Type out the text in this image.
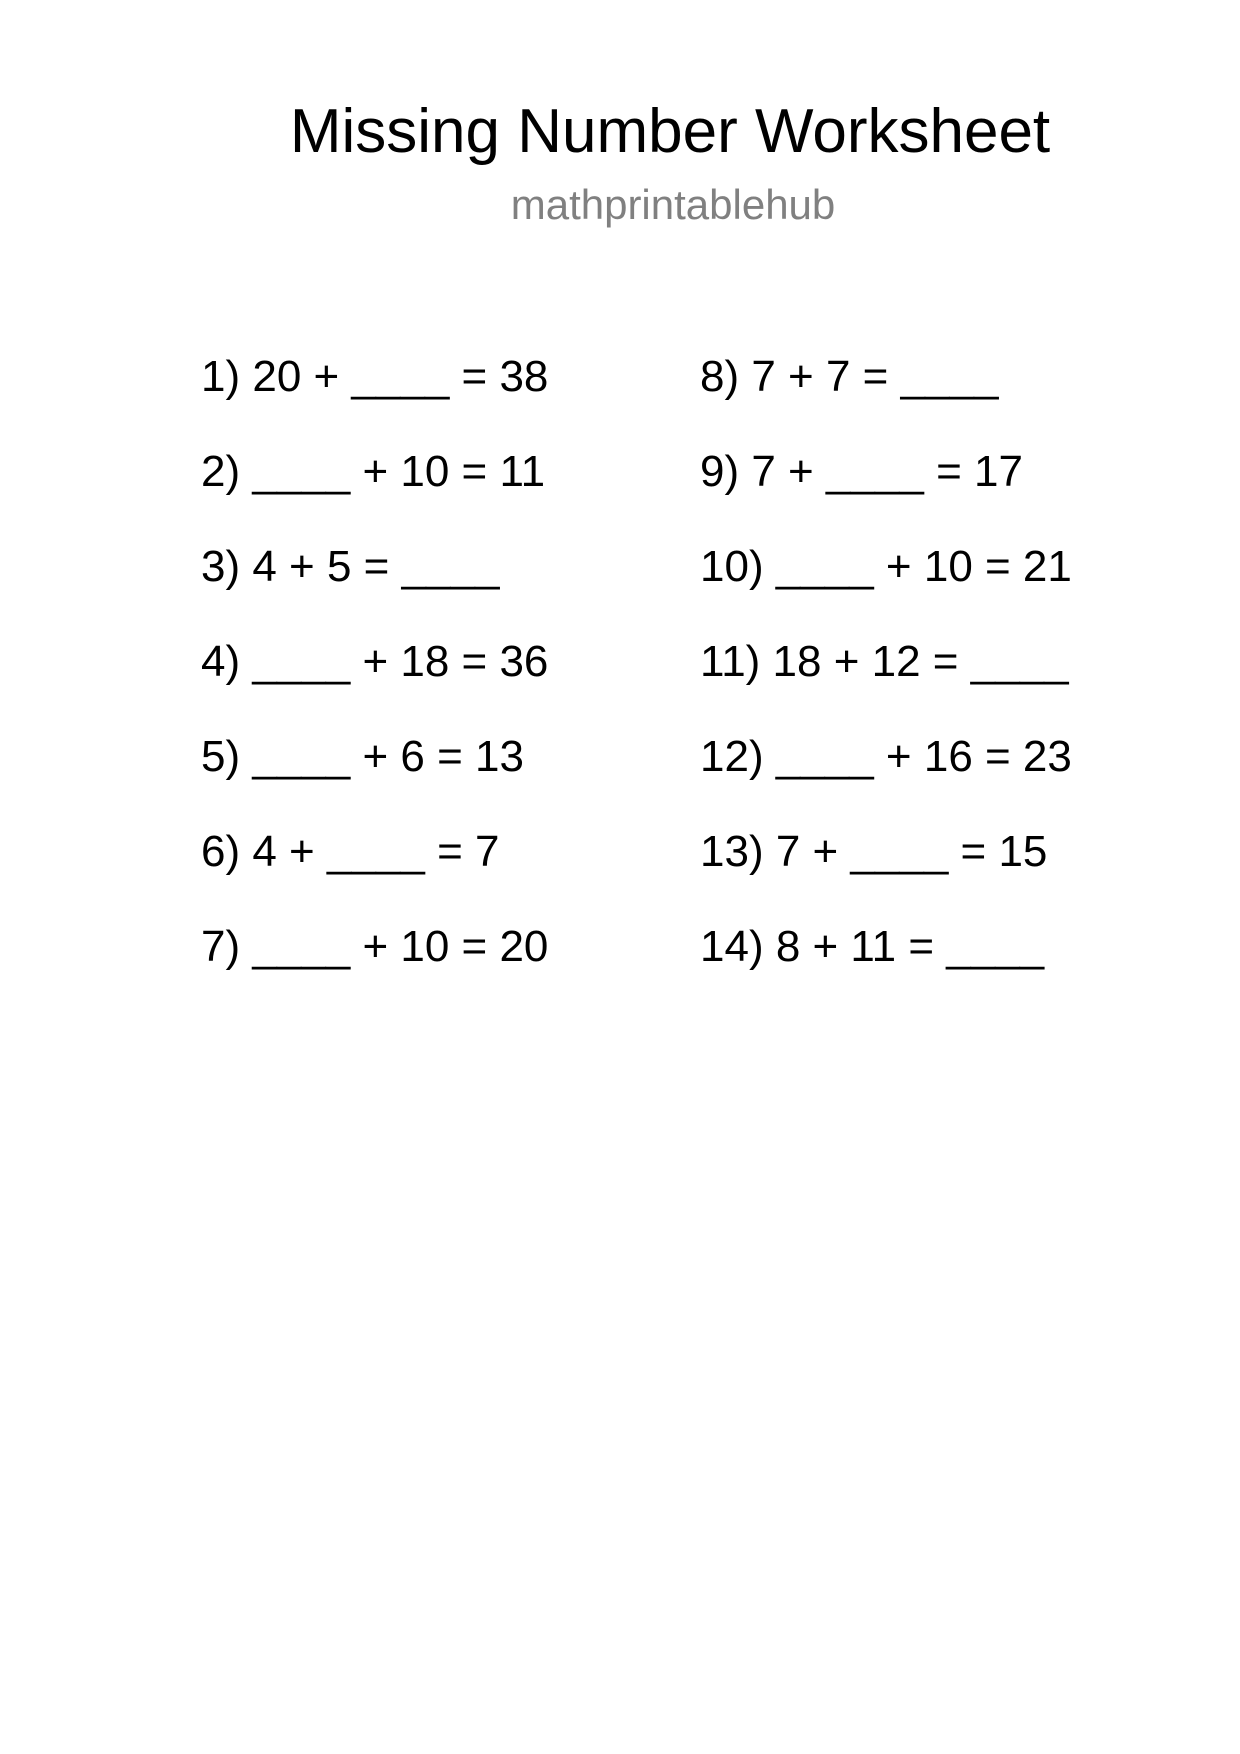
Missing Number Worksheet
mathprintablehub
1) 20 + ____ = 38
2) ____ + 10 = 11
3) 4 + 5 = ____
4) ____ + 18 = 36
5) ____ + 6 = 13
6) 4 + ____ = 7
7) ____ + 10 = 20
8) 7 + 7 = ____
9) 7 + ____ = 17
10) ____ + 10 = 21
11) 18 + 12 = ____
12) ____ + 16 = 23
13) 7 + ____ = 15
14) 8 + 11 = ____
